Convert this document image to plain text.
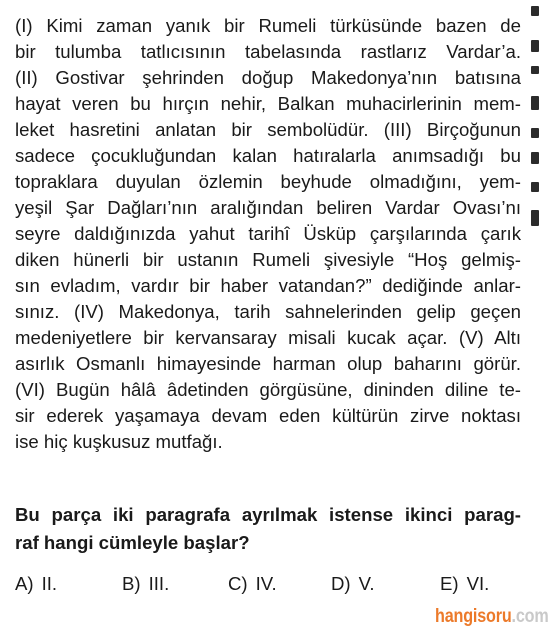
(I) Kimi zaman yanık bir Rumeli türküsünde bazen de
bir tulumba tatlıcısının tabelasında rastlarız Vardar’a.
(II) Gostivar şehrinden doğup Makedonya’nın batısına
hayat veren bu hırçın nehir, Balkan muhacirlerinin mem-
leket hasretini anlatan bir sembolüdür. (III) Birçoğunun
sadece çocukluğundan kalan hatıralarla anımsadığı bu
topraklara duyulan özlemin beyhude olmadığını, yem-
yeşil Şar Dağları’nın aralığından beliren Vardar Ovası’nı
seyre daldığınızda yahut tarihî Üsküp çarşılarında çarık
diken hünerli bir ustanın Rumeli şivesiyle “Hoş gelmiş-
sın evladım, vardır bir haber vatandan?” dediğinde anlar-
sınız. (IV) Makedonya, tarih sahnelerinden gelip geçen
medeniyetlere bir kervansaray misali kucak açar. (V) Altı
asırlık Osmanlı himayesinde harman olup baharını görür.
(VI) Bugün hâlâ âdetinden görgüsüne, dininden diline te-
sir ederek yaşamaya devam eden kültürün zirve noktası
ise hiç kuşkusuz mutfağı.
Bu parça iki paragrafa ayrılmak istense ikinci parag-
raf hangi cümleyle başlar?
A) II.	B) III.	C) IV.	D) V.	E) VI.
hangisoru.com
